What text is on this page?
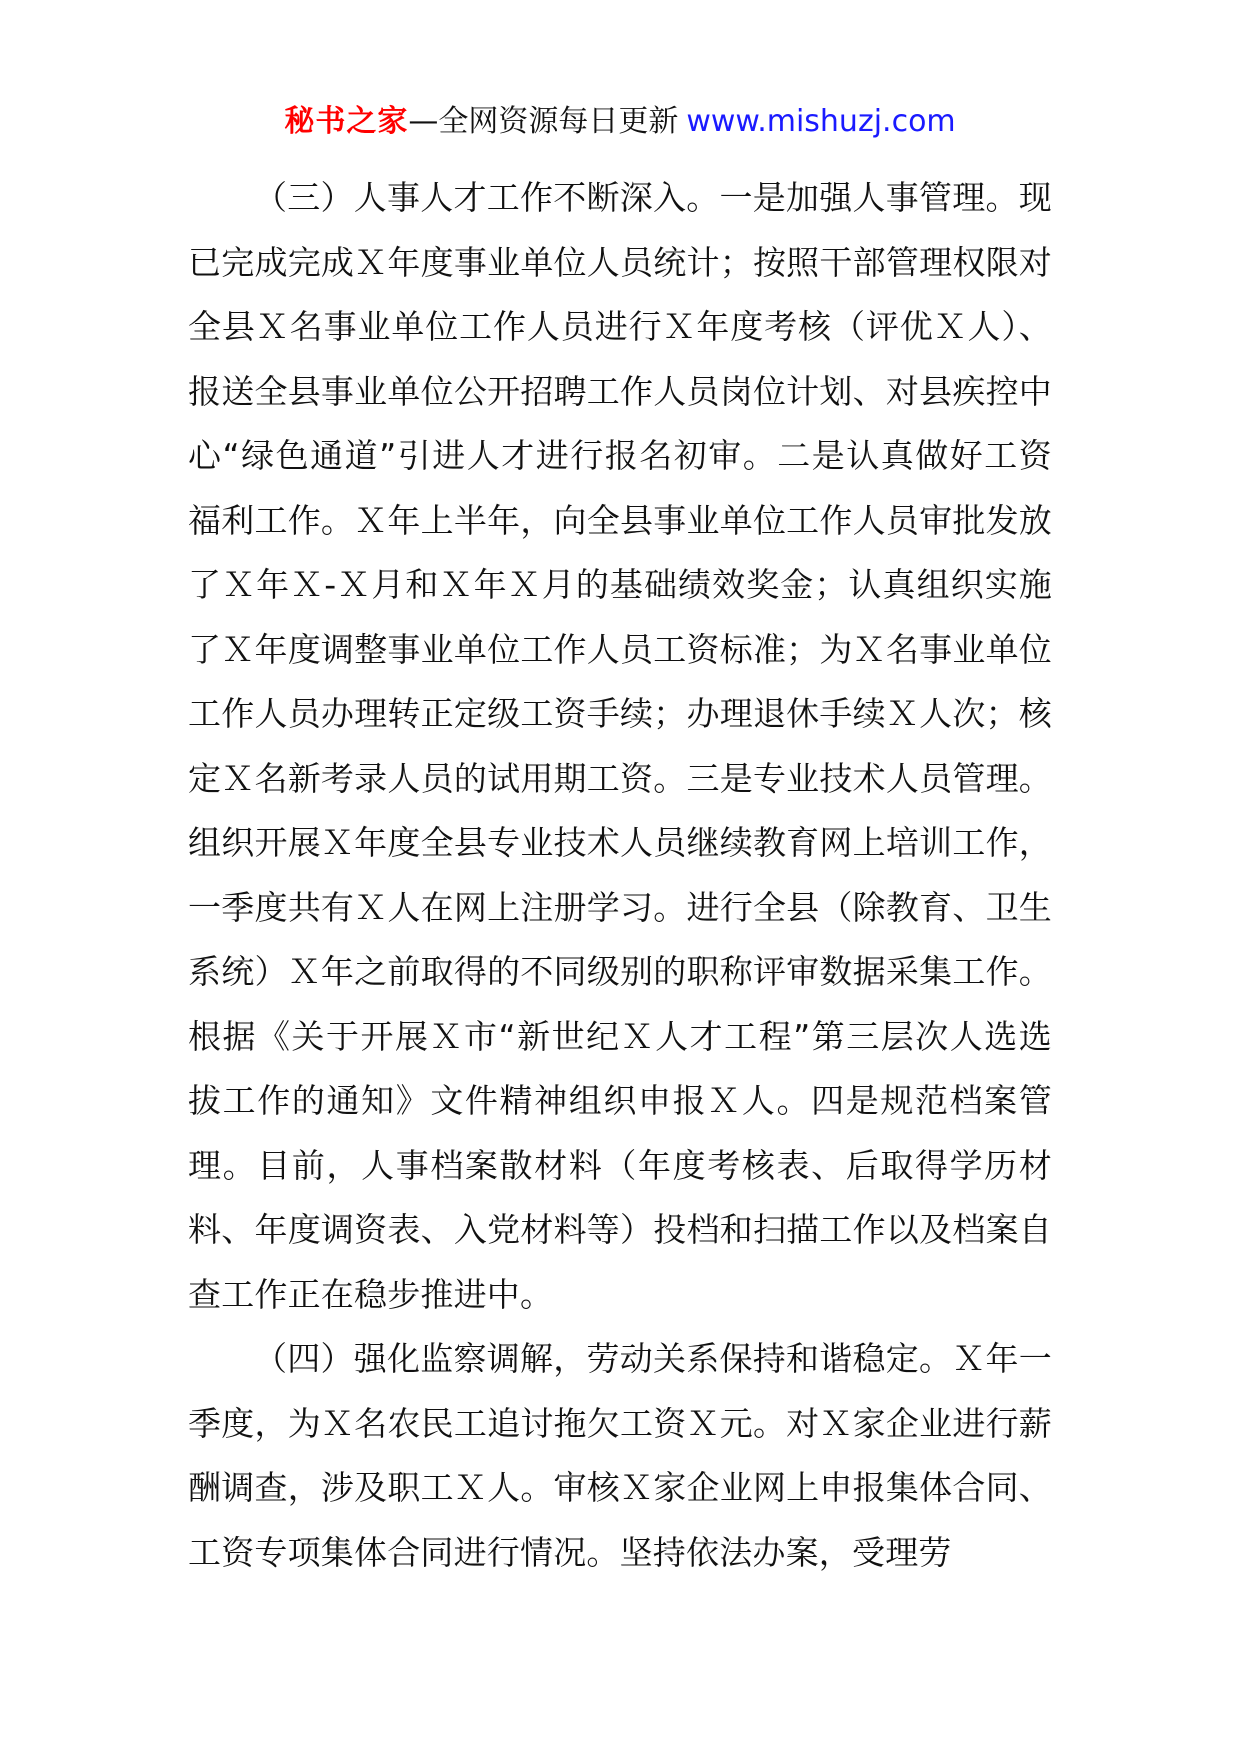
秘书之家—全网资源每日更新 www.mishuzj.com

（三）人事人才工作不断深入。一是加强人事管理。现已完成完成Ｘ年度事业单位人员统计；按照干部管理权限对全县Ｘ名事业单位工作人员进行Ｘ年度考核（评优Ｘ人）、报送全县事业单位公开招聘工作人员岗位计划、对县疾控中心“绿色通道”引进人才进行报名初审。二是认真做好工资福利工作。Ｘ年上半年，向全县事业单位工作人员审批发放了Ｘ年Ｘ-Ｘ月和Ｘ年Ｘ月的基础绩效奖金；认真组织实施了Ｘ年度调整事业单位工作人员工资标准；为Ｘ名事业单位工作人员办理转正定级工资手续；办理退休手续Ｘ人次；核定Ｘ名新考录人员的试用期工资。三是专业技术人员管理。组织开展Ｘ年度全县专业技术人员继续教育网上培训工作，一季度共有Ｘ人在网上注册学习。进行全县（除教育、卫生系统）Ｘ年之前取得的不同级别的职称评审数据采集工作。根据《关于开展Ｘ市“新世纪Ｘ人才工程”第三层次人选选拔工作的通知》文件精神组织申报Ｘ人。四是规范档案管理。目前，人事档案散材料（年度考核表、后取得学历材料、年度调资表、入党材料等）投档和扫描工作以及档案自查工作正在稳步推进中。

（四）强化监察调解，劳动关系保持和谐稳定。Ｘ年一季度，为Ｘ名农民工追讨拖欠工资Ｘ元。对Ｘ家企业进行薪酬调查，涉及职工Ｘ人。审核Ｘ家企业网上申报集体合同、工资专项集体合同进行情况。坚持依法办案，受理劳
